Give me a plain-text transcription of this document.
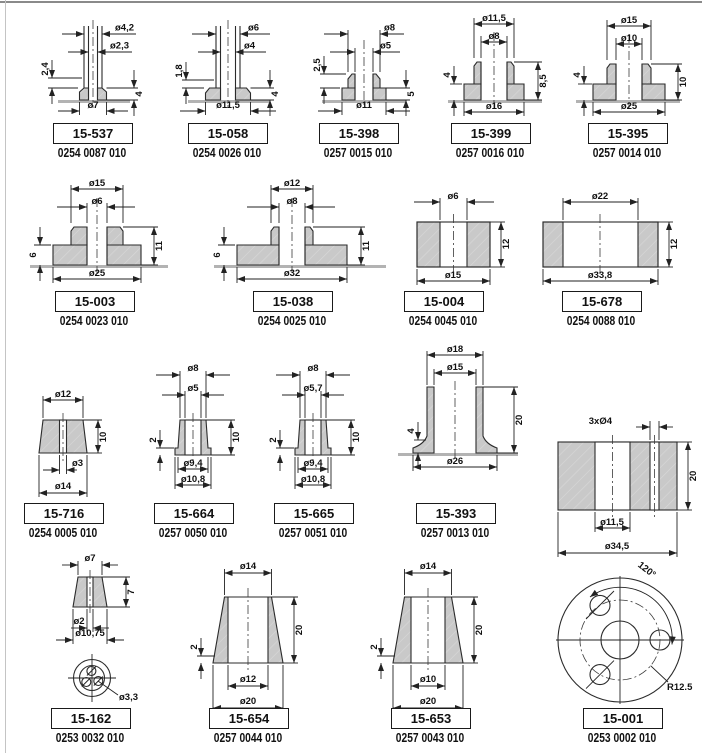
ø4,2
ø2,3
2,4
4
ø7
ø6
ø4
1,8
4
ø11,5
ø8
ø5
2,5
5
ø11
ø11,5
ø8
4	8,5
ø16
ø15
ø10
4
10
ø25
ø15
ø6
6
11
ø25
ø12
ø8
6
11
ø32
ø6
12
ø15
ø22
12
ø33,8
ø12
10
ø3
ø14
ø8
ø5
2	10
ø9,4
ø10,8
ø8
ø5,7
2	10
ø9,4
ø10,8
ø18
ø15
4
20
ø26
3xØ4
20
ø11,5
ø34,5
ø7
7
ø2
ø10,75
ø3,3
ø14
2
20
ø12
ø20
ø14
2
20
ø10
ø20
120°
R12.5
15-537
0254 0087 010
15-058
0254 0026 010
15-398
0257 0015 010
15-399
0257 0016 010
15-395
0257 0014 010
15-003
0254 0023 010
15-038
0254 0025 010
15-004
0254 0045 010
15-678
0254 0088 010
15-716
0254 0005 010
15-664
0257 0050 010
15-665
0257 0051 010
15-393
0257 0013 010
15-162
0253 0032 010
15-654
0257 0044 010
15-653
0257 0043 010
15-001
0253 0002 010
